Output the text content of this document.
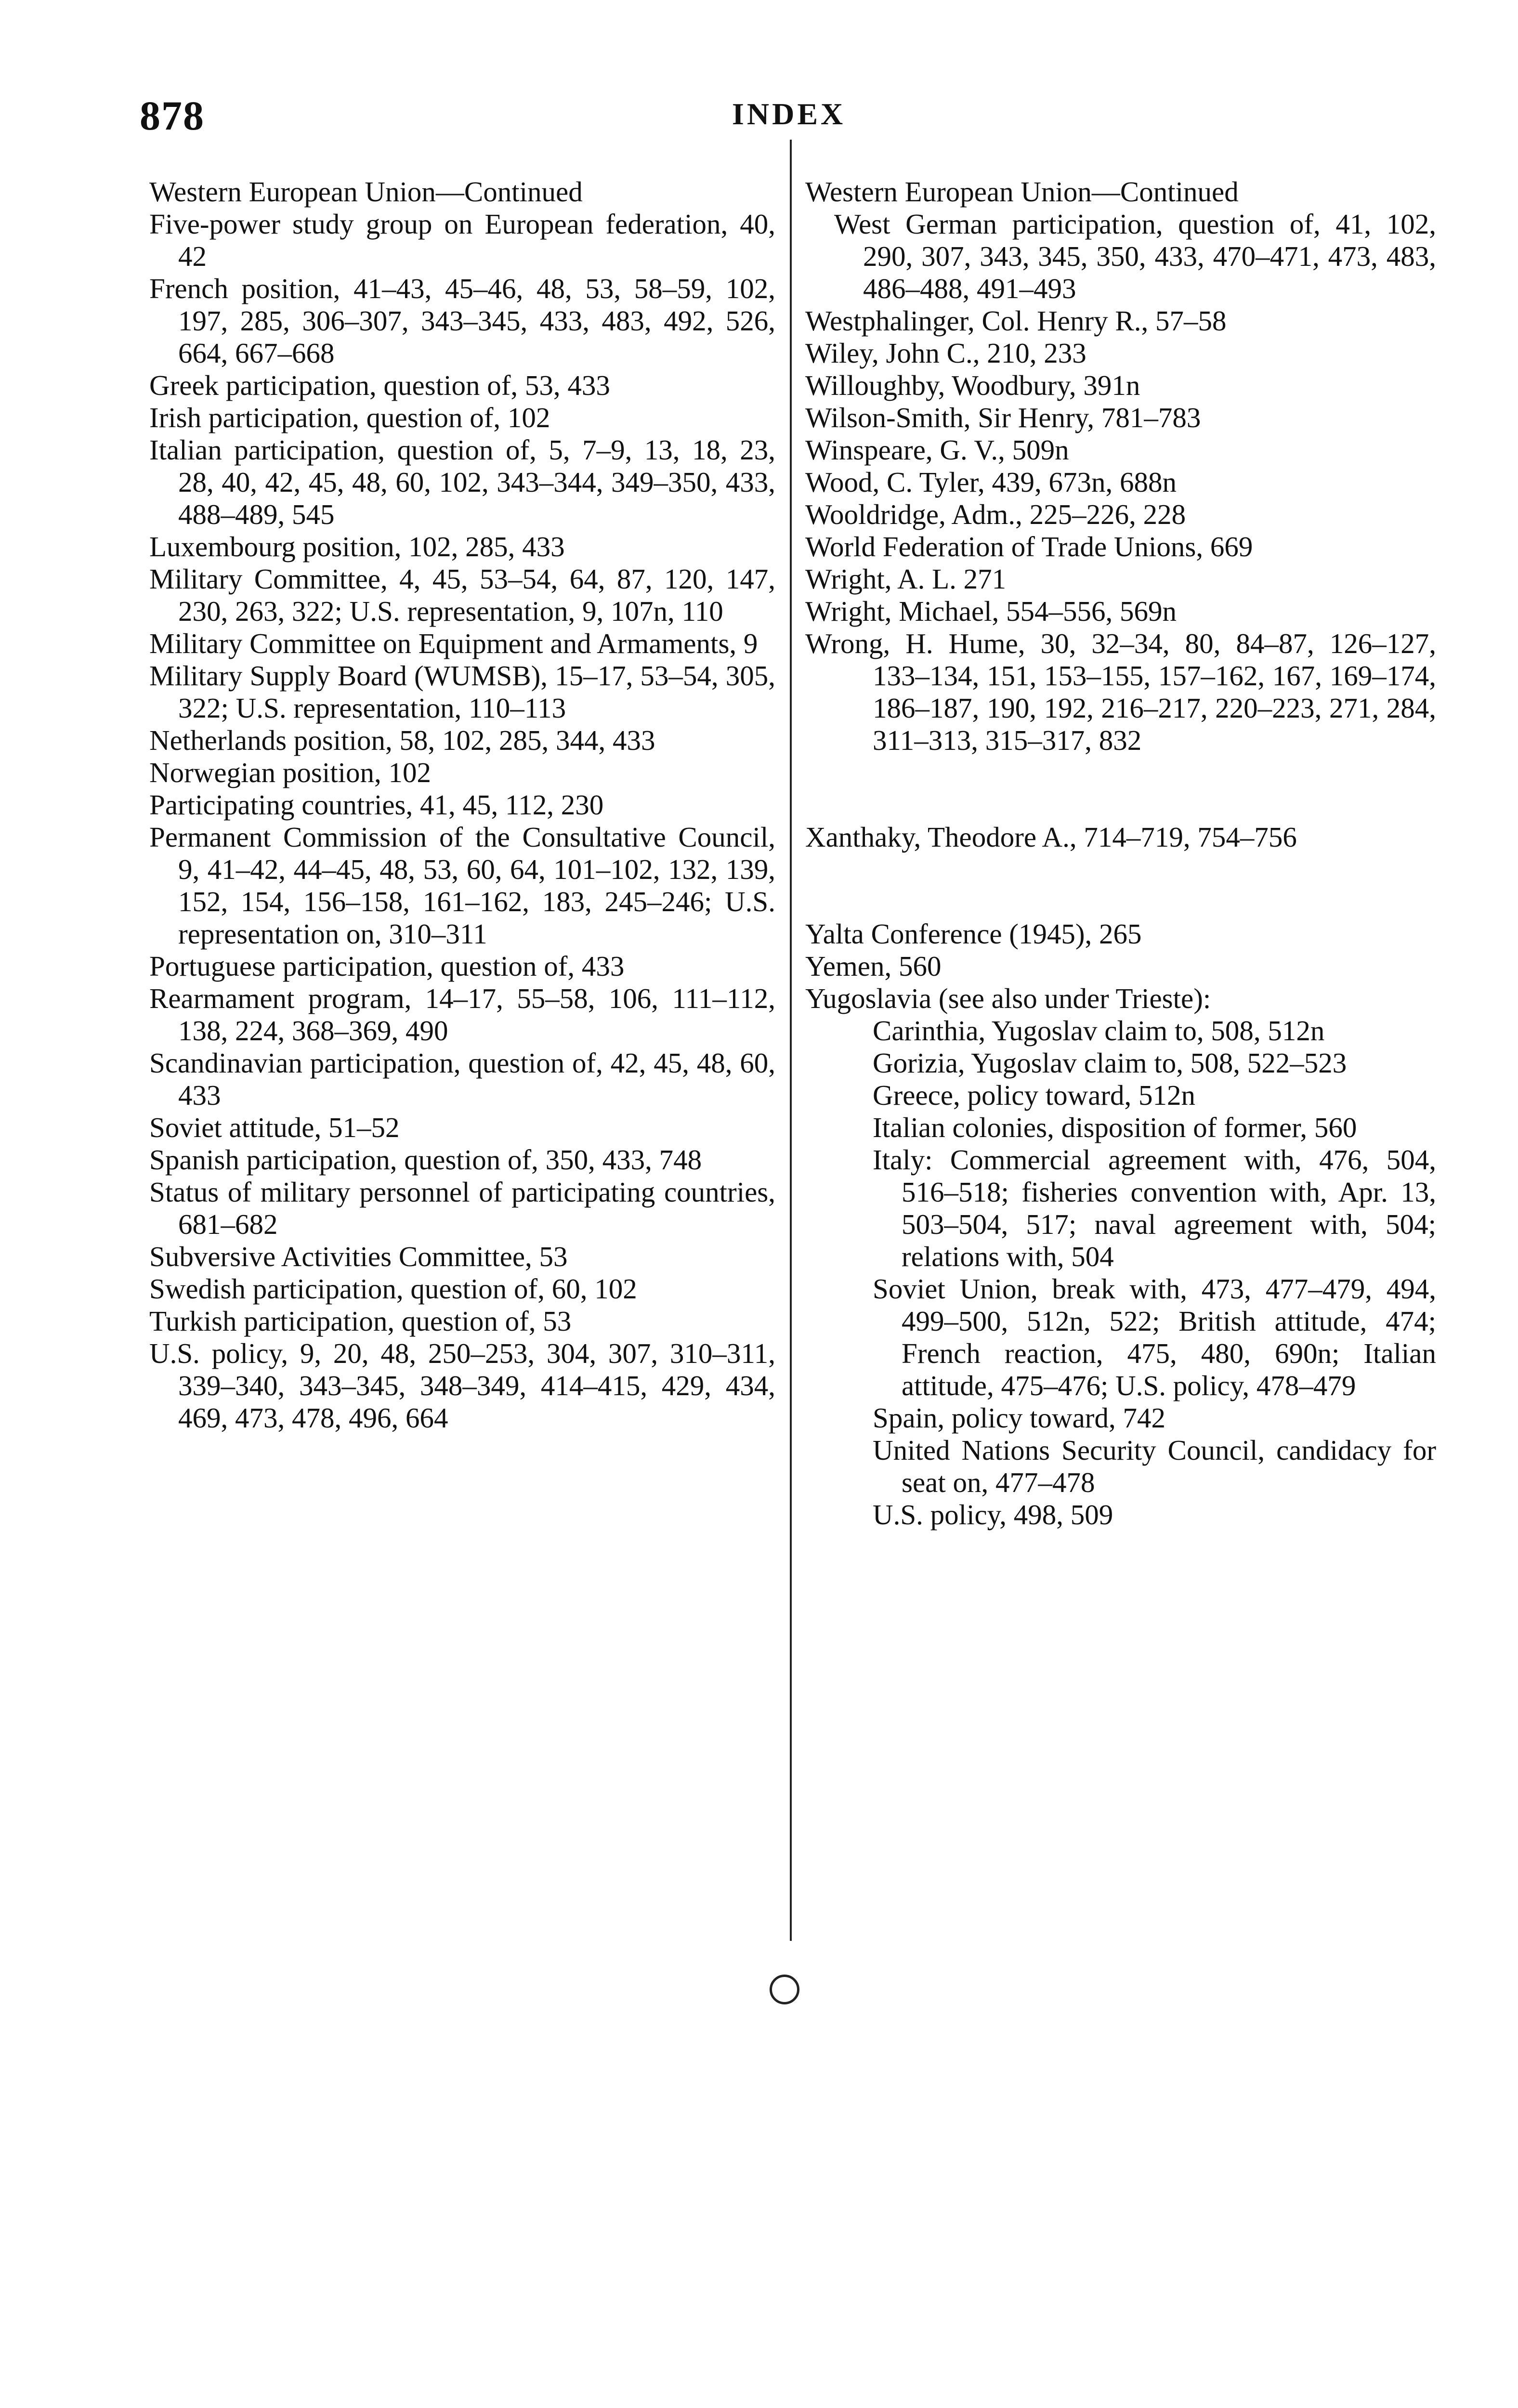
878	INDEX
Western European Union—Continued
Five-power study group on European federation, 40, 42
French position, 41–43, 45–46, 48, 53, 58–59, 102, 197, 285, 306–307, 343–345, 433, 483, 492, 526, 664, 667–668
Greek participation, question of, 53, 433
Irish participation, question of, 102
Italian participation, question of, 5, 7–9, 13, 18, 23, 28, 40, 42, 45, 48, 60, 102, 343–344, 349–350, 433, 488–489, 545
Luxembourg position, 102, 285, 433
Military Committee, 4, 45, 53–54, 64, 87, 120, 147, 230, 263, 322; U.S. representation, 9, 107n, 110
Military Committee on Equipment and Armaments, 9
Military Supply Board (WUMSB), 15–17, 53–54, 305, 322; U.S. representation, 110–113
Netherlands position, 58, 102, 285, 344, 433
Norwegian position, 102
Participating countries, 41, 45, 112, 230
Permanent Commission of the Consultative Council, 9, 41–42, 44–45, 48, 53, 60, 64, 101–102, 132, 139, 152, 154, 156–158, 161–162, 183, 245–246; U.S. representation on, 310–311
Portuguese participation, question of, 433
Rearmament program, 14–17, 55–58, 106, 111–112, 138, 224, 368–369, 490
Scandinavian participation, question of, 42, 45, 48, 60, 433
Soviet attitude, 51–52
Spanish participation, question of, 350, 433, 748
Status of military personnel of participating countries, 681–682
Subversive Activities Committee, 53
Swedish participation, question of, 60, 102
Turkish participation, question of, 53
U.S. policy, 9, 20, 48, 250–253, 304, 307, 310–311, 339–340, 343–345, 348–349, 414–415, 429, 434, 469, 473, 478, 496, 664
Western European Union—Continued
West German participation, question of, 41, 102, 290, 307, 343, 345, 350, 433, 470–471, 473, 483, 486–488, 491–493
Westphalinger, Col. Henry R., 57–58
Wiley, John C., 210, 233
Willoughby, Woodbury, 391n
Wilson-Smith, Sir Henry, 781–783
Winspeare, G. V., 509n
Wood, C. Tyler, 439, 673n, 688n
Wooldridge, Adm., 225–226, 228
World Federation of Trade Unions, 669
Wright, A. L. 271
Wright, Michael, 554–556, 569n
Wrong, H. Hume, 30, 32–34, 80, 84–87, 126–127, 133–134, 151, 153–155, 157–162, 167, 169–174, 186–187, 190, 192, 216–217, 220–223, 271, 284, 311–313, 315–317, 832
Xanthaky, Theodore A., 714–719, 754–756
Yalta Conference (1945), 265
Yemen, 560
Yugoslavia (see also under Trieste):
Carinthia, Yugoslav claim to, 508, 512n
Gorizia, Yugoslav claim to, 508, 522–523
Greece, policy toward, 512n
Italian colonies, disposition of former, 560
Italy: Commercial agreement with, 476, 504, 516–518; fisheries convention with, Apr. 13, 503–504, 517; naval agreement with, 504; relations with, 504
Soviet Union, break with, 473, 477–479, 494, 499–500, 512n, 522; British attitude, 474; French reaction, 475, 480, 690n; Italian attitude, 475–476; U.S. policy, 478–479
Spain, policy toward, 742
United Nations Security Council, candidacy for seat on, 477–478
U.S. policy, 498, 509
